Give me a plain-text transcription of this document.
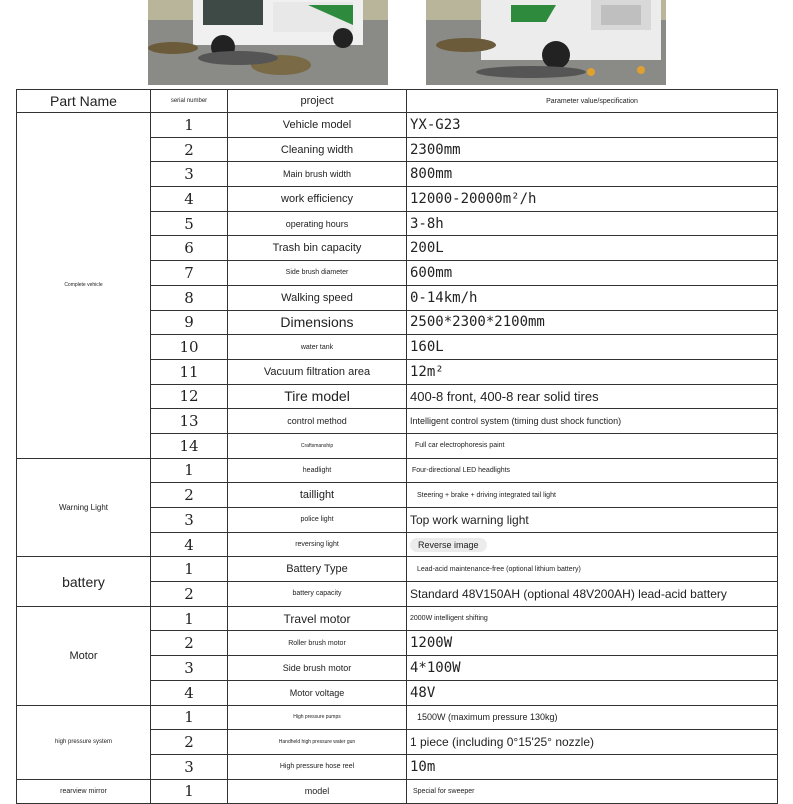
Part Name	serial number	project	Parameter value/specification
Complete vehicle	1	Vehicle model	YX-G23
	2	Cleaning width	2300mm
	3	Main brush width	800mm
	4	work efficiency	12000-20000m²/h
	5	operating hours	3-8h
	6	Trash bin capacity	200L
	7	Side brush diameter	600mm
	8	Walking speed	0-14km/h
	9	Dimensions	2500*2300*2100mm
	10	water tank	160L
	11	Vacuum filtration area	12m²
	12	Tire model	400-8 front, 400-8 rear solid tires
	13	control method	Intelligent control system (timing dust shock function)
	14	Craftsmanship	Full car electrophoresis paint
Warning Light	1	headlight	Four-directional LED headlights
	2	taillight	Steering + brake + driving integrated tail light
	3	police light	Top work warning light
	4	reversing light	Reverse image
battery	1	Battery Type	Lead-acid maintenance-free (optional lithium battery)
	2	battery capacity	Standard 48V150AH (optional 48V200AH) lead-acid battery
Motor	1	Travel motor	2000W intelligent shifting
	2	Roller brush motor	1200W
	3	Side brush motor	4*100W
	4	Motor voltage	48V
high pressure system	1	High pressure pumps	1500W (maximum pressure 130kg)
	2	Handheld high pressure water gun	1 piece (including 0°15'25° nozzle)
	3	High pressure hose reel	10m
rearview mirror	1	model	Special for sweeper
